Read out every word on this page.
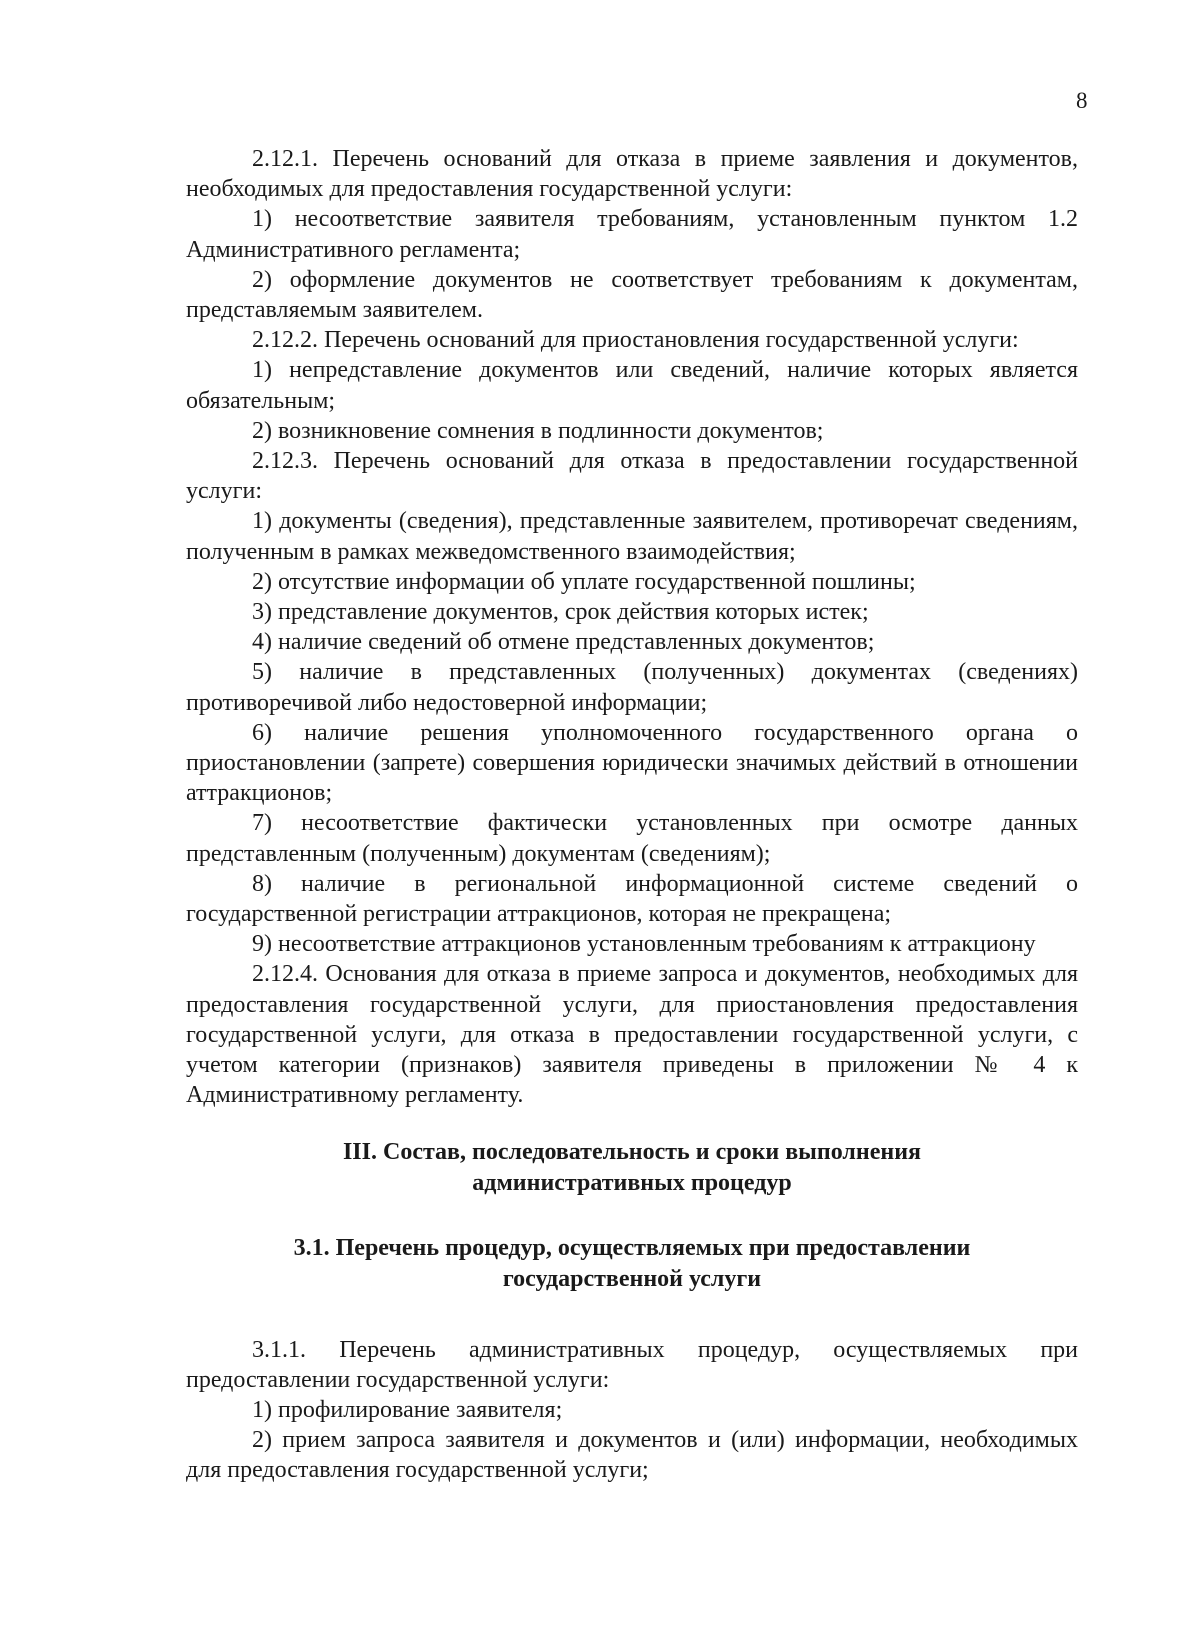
8

2.12.1. Перечень оснований для отказа в приеме заявления и документов, необходимых для предоставления государственной услуги:

1) несоответствие заявителя требованиям, установленным пунктом 1.2 Административного регламента;

2) оформление документов не соответствует требованиям к документам, представляемым заявителем.

2.12.2. Перечень оснований для приостановления государственной услуги:

1) непредставление документов или сведений, наличие которых является обязательным;

2) возникновение сомнения в подлинности документов;

2.12.3. Перечень оснований для отказа в предоставлении государственной услуги:

1) документы (сведения), представленные заявителем, противоречат сведениям, полученным в рамках межведомственного взаимодействия;

2) отсутствие информации об уплате государственной пошлины;

3) представление документов, срок действия которых истек;

4) наличие сведений об отмене представленных документов;

5) наличие в представленных (полученных) документах (сведениях) противоречивой либо недостоверной информации;

6) наличие решения уполномоченного государственного органа о приостановлении (запрете) совершения юридически значимых действий в отношении аттракционов;

7) несоответствие фактически установленных при осмотре данных представленным (полученным) документам (сведениям);

8) наличие в региональной информационной системе сведений о государственной регистрации аттракционов, которая не прекращена;

9) несоответствие аттракционов установленным требованиям к аттракциону

2.12.4. Основания для отказа в приеме запроса и документов, необходимых для предоставления государственной услуги, для приостановления предоставления государственной услуги, для отказа в предоставлении государственной услуги, с учетом категории (признаков) заявителя приведены в приложении № 4 к Административному регламенту.

III. Состав, последовательность и сроки выполнения
административных процедур

3.1. Перечень процедур, осуществляемых при предоставлении
государственной услуги

3.1.1. Перечень административных процедур, осуществляемых при предоставлении государственной услуги:

1) профилирование заявителя;

2) прием запроса заявителя и документов и (или) информации, необходимых для предоставления государственной услуги;
